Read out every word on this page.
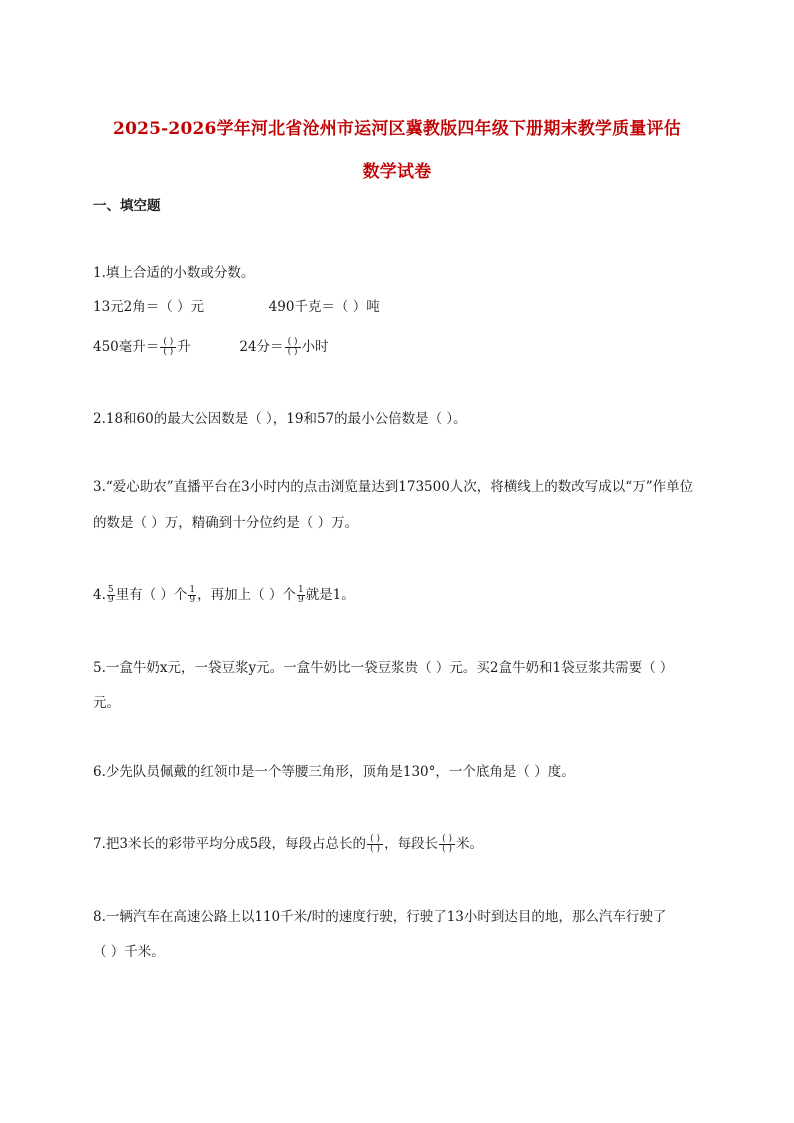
2025-2026学年河北省沧州市运河区冀教版四年级下册期末教学质量评估
数学试卷
一、填空题
1.填上合适的小数或分数。
13元2角＝（ ）元	490千克＝（ ）吨
450毫升＝ $\frac{( )}{( )}$ 升	24分＝ $\frac{( )}{( )}$ 小时
2.18和60的最大公因数是（ ），19和57的最小公倍数是（ ）。
3.“爱心助农”直播平台在3小时内的点击浏览量达到173500人次，将横线上的数改写成以“万”作单位
的数是（ ）万，精确到十分位约是（ ）万。
4. $\frac{5}{9}$ 里有（ ）个 $\frac{1}{9}$ ，再加上（ ）个 $\frac{1}{9}$ 就是1。
5.一盒牛奶x元，一袋豆浆y元。一盒牛奶比一袋豆浆贵（ ）元。买2盒牛奶和1袋豆浆共需要（ ）
元。
6.少先队员佩戴的红领巾是一个等腰三角形，顶角是130°，一个底角是（ ）度。
7.把3米长的彩带平均分成5段，每段占总长的 $\frac{( )}{( )}$ ，每段长 $\frac{( )}{( )}$ 米。
8.一辆汽车在高速公路上以110千米/时的速度行驶，行驶了13小时到达目的地，那么汽车行驶了
（ ）千米。
